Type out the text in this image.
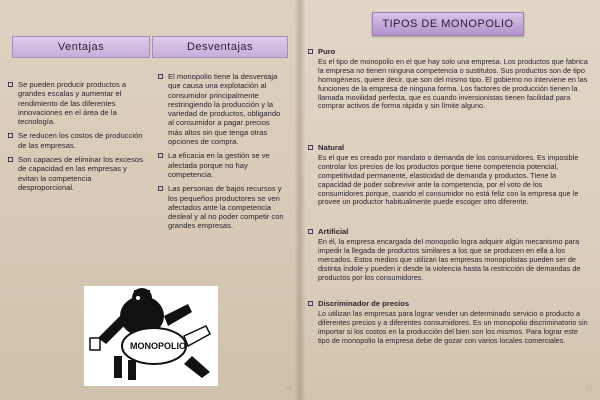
Ventajas	Desventajas
Se pueden producir productos a grandes escalas y aumentar el rendimiento de las diferentes innovaciones en el área de la tecnología.
Se reducen los costos de producción de las empresas.
Son capaces de eliminar los excesos de capacidad en las empresas y evitan la competencia desproporcional.
El monopolio tiene la desventaja que causa una explotación al consumidor principalmente restringiendo la producción y la variedad de productos, obligando al consumidor a pagar precios más altos sin que tenga otras opciones de compra.
La eficacia en la gestión se ve afectada porque no hay competencia.
Las personas de bajos recursos y los pequeños productores se ven afectados ante la competencia desleal y al no poder competir con grandes empresas.
MONOPOLIO
56	57
TIPOS DE MONOPOLIO
Puro
Es el tipo de monopolio en el que hay solo una empresa. Los productos que fabrica la empresa no tienen ninguna competencia o sustitutos. Sus productos son de tipo homogéneos, quiere decir, que son del mismo tipo. El gobierno no interviene en las funciones de la empresa de ninguna forma. Los factores de producción tienen la llamada movilidad perfecta, que es cuando inversionistas tienen facilidad para comprar activos de forma rápida y sin límite alguno.
Natural
Es el que es creado por mandato o demanda de los consumidores. Es imposible controlar los precios de los productos porque tiene competencia potencial, competitividad permanente, elasticidad de demanda y productos. Tiene la capacidad de poder sobrevivir ante la competencia, por el voto de los consumidores porque, cuando el consumidor no está feliz con la empresa que le provee un productor habitualmente puede escoger otro diferente.
Artificial
En él, la empresa encargada del monopolio logra adquirir algún mecanismo para impedir la llegada de productos similares a los que se producen en ella a los mercados. Estos medios que utilizan las empresas monopolistas pueden ser de distinta índole y pueden ir desde la violencia hasta la restricción de demandas de productos por los consumidores.
Discriminador de precios
Lo utilizan las empresas para lograr vender un determinado servicio o producto a diferentes precios y a diferentes consumidores. Es un monopolio discriminatorio sin importar si los costos en la producción del bien son los mismos. Para lograr este tipo de monopolio la empresa debe de gozar con varios locales comerciales.
